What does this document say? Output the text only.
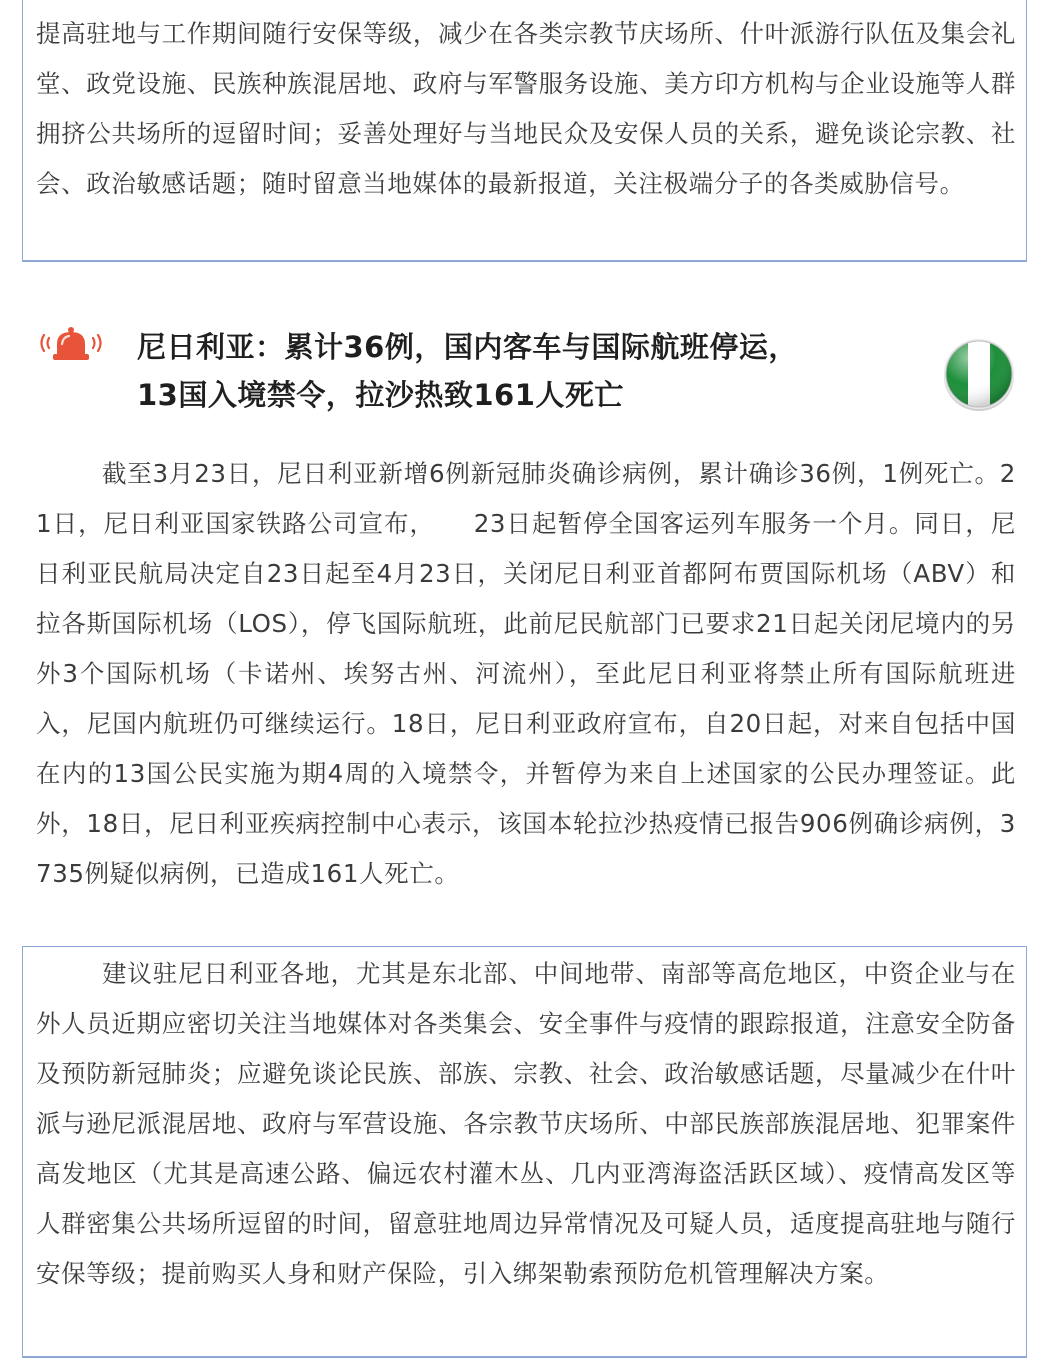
提高驻地与工作期间随行安保等级，减少在各类宗教节庆场所、什叶派游行队伍及集会礼堂、政党设施、民族种族混居地、政府与军警服务设施、美方印方机构与企业设施等人群拥挤公共场所的逗留时间；妥善处理好与当地民众及安保人员的关系，避免谈论宗教、社会、政治敏感话题；随时留意当地媒体的最新报道，关注极端分子的各类威胁信号。

尼日利亚：累计36例，国内客车与国际航班停运，
13国入境禁令，拉沙热致161人死亡

截至3月23日，尼日利亚新增6例新冠肺炎确诊病例，累计确诊36例，1例死亡。21日，尼日利亚国家铁路公司宣布，　　23日起暂停全国客运列车服务一个月。同日，尼日利亚民航局决定自23日起至4月23日，关闭尼日利亚首都阿布贾国际机场（ABV）和拉各斯国际机场（LOS），停飞国际航班，此前尼民航部门已要求21日起关闭尼境内的另外3个国际机场（卡诺州、埃努古州、河流州），至此尼日利亚将禁止所有国际航班进入，尼国内航班仍可继续运行。18日，尼日利亚政府宣布，自20日起，对来自包括中国在内的13国公民实施为期4周的入境禁令，并暂停为来自上述国家的公民办理签证。此外，18日，尼日利亚疾病控制中心表示，该国本轮拉沙热疫情已报告906例确诊病例，3735例疑似病例，已造成161人死亡。

建议驻尼日利亚各地，尤其是东北部、中间地带、南部等高危地区，中资企业与在外人员近期应密切关注当地媒体对各类集会、安全事件与疫情的跟踪报道，注意安全防备及预防新冠肺炎；应避免谈论民族、部族、宗教、社会、政治敏感话题，尽量减少在什叶派与逊尼派混居地、政府与军营设施、各宗教节庆场所、中部民族部族混居地、犯罪案件高发地区（尤其是高速公路、偏远农村灌木丛、几内亚湾海盗活跃区域）、疫情高发区等人群密集公共场所逗留的时间，留意驻地周边异常情况及可疑人员，适度提高驻地与随行安保等级；提前购买人身和财产保险，引入绑架勒索预防危机管理解决方案。
